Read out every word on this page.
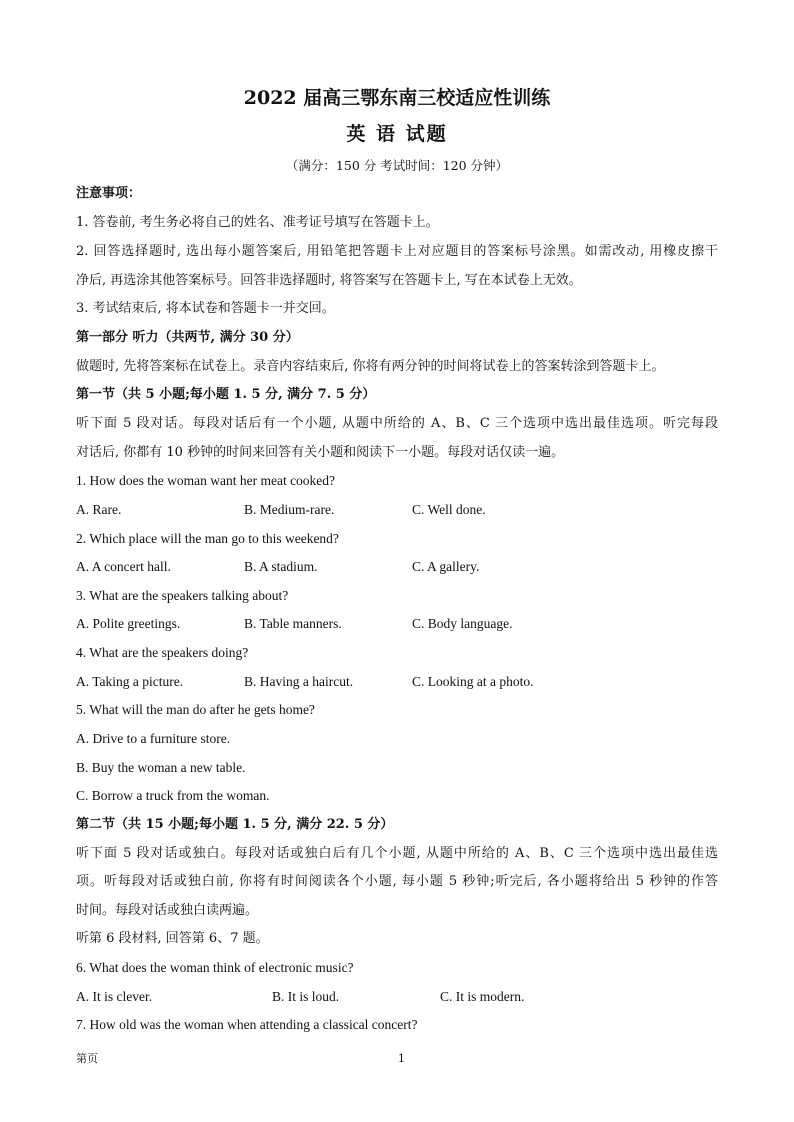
2022 届高三鄂东南三校适应性训练
英 语 试题
（满分：150 分 考试时间：120 分钟）
注意事项：
1. 答卷前, 考生务必将自己的姓名、准考证号填写在答题卡上。
2. 回答选择题时, 选出每小题答案后, 用铅笔把答题卡上对应题目的答案标号涂黑。如需改动, 用橡皮擦干
净后, 再选涂其他答案标号。回答非选择题时, 将答案写在答题卡上, 写在本试卷上无效。
3. 考试结束后, 将本试卷和答题卡一并交回。
第一部分 听力（共两节, 满分 30 分）
做题时, 先将答案标在试卷上。录音内容结束后, 你将有两分钟的时间将试卷上的答案转涂到答题卡上。
第一节（共 5 小题;每小题 1. 5 分, 满分 7. 5 分）
听下面 5 段对话。每段对话后有一个小题, 从题中所给的 A、B、C 三个选项中选出最佳选项。听完每段
对话后, 你都有 10 秒钟的时间来回答有关小题和阅读下一小题。每段对话仅读一遍。
1. How does the woman want her meat cooked?
A. Rare.	B. Medium-rare.	C. Well done.
2. Which place will the man go to this weekend?
A. A concert hall.	B. A stadium.	C. A gallery.
3. What are the speakers talking about?
A. Polite greetings.	B. Table manners.	C. Body language.
4. What are the speakers doing?
A. Taking a picture.	B. Having a haircut.	C. Looking at a photo.
5. What will the man do after he gets home?
A. Drive to a furniture store.
B. Buy the woman a new table.
C. Borrow a truck from the woman.
第二节（共 15 小题;每小题 1. 5 分, 满分 22. 5 分）
听下面 5 段对话或独白。每段对话或独白后有几个小题, 从题中所给的 A、B、C 三个选项中选出最佳选
项。听每段对话或独白前, 你将有时间阅读各个小题, 每小题 5 秒钟;听完后, 各小题将给出 5 秒钟的作答
时间。每段对话或独白读两遍。
听第 6 段材料, 回答第 6、7 题。
6. What does the woman think of electronic music?
A. It is clever.	B. It is loud.	C. It is modern.
7. How old was the woman when attending a classical concert?
第页	1
